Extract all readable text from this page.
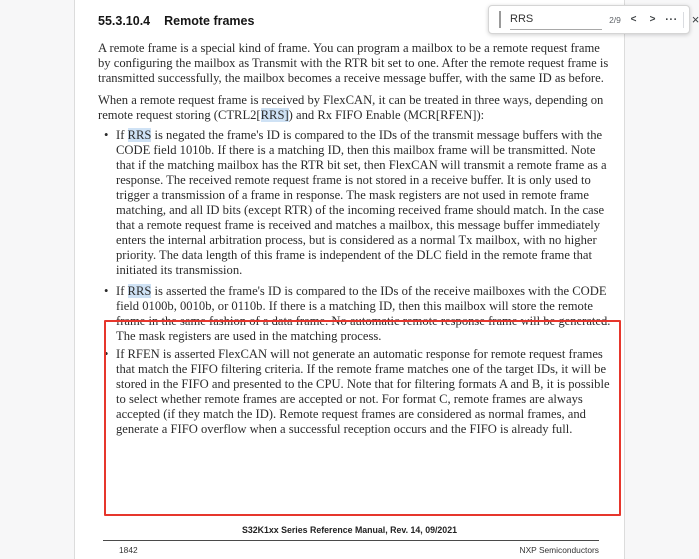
55.3.10.4 Remote frames

A remote frame is a special kind of frame. You can program a mailbox to be a remote request frame by configuring the mailbox as Transmit with the RTR bit set to one. After the remote request frame is transmitted successfully, the mailbox becomes a receive message buffer, with the same ID as before.

When a remote request frame is received by FlexCAN, it can be treated in three ways, depending on remote request storing (CTRL2[RRS]) and Rx FIFO Enable (MCR[RFEN]):

• If RRS is negated the frame's ID is compared to the IDs of the transmit message buffers with the CODE field 1010b. If there is a matching ID, then this mailbox frame will be transmitted. Note that if the matching mailbox has the RTR bit set, then FlexCAN will transmit a remote frame as a response. The received remote request frame is not stored in a receive buffer. It is only used to trigger a transmission of a frame in response. The mask registers are not used in remote frame matching, and all ID bits (except RTR) of the incoming received frame should match. In the case that a remote request frame is received and matches a mailbox, this message buffer immediately enters the internal arbitration process, but is considered as a normal Tx mailbox, with no higher priority. The data length of this frame is independent of the DLC field in the remote frame that initiated its transmission.
• If RRS is asserted the frame's ID is compared to the IDs of the receive mailboxes with the CODE field 0100b, 0010b, or 0110b. If there is a matching ID, then this mailbox will store the remote frame in the same fashion of a data frame. No automatic remote response frame will be generated. The mask registers are used in the matching process.
• If RFEN is asserted FlexCAN will not generate an automatic response for remote request frames that match the FIFO filtering criteria. If the remote frame matches one of the target IDs, it will be stored in the FIFO and presented to the CPU. Note that for filtering formats A and B, it is possible to select whether remote frames are accepted or not. For format C, remote frames are always accepted (if they match the ID). Remote request frames are considered as normal frames, and generate a FIFO overflow when a successful reception occurs and the FIFO is already full.
S32K1xx Series Reference Manual, Rev. 14, 09/2021
1842	NXP Semiconductors
RRS
2/9 <	> ···	×
